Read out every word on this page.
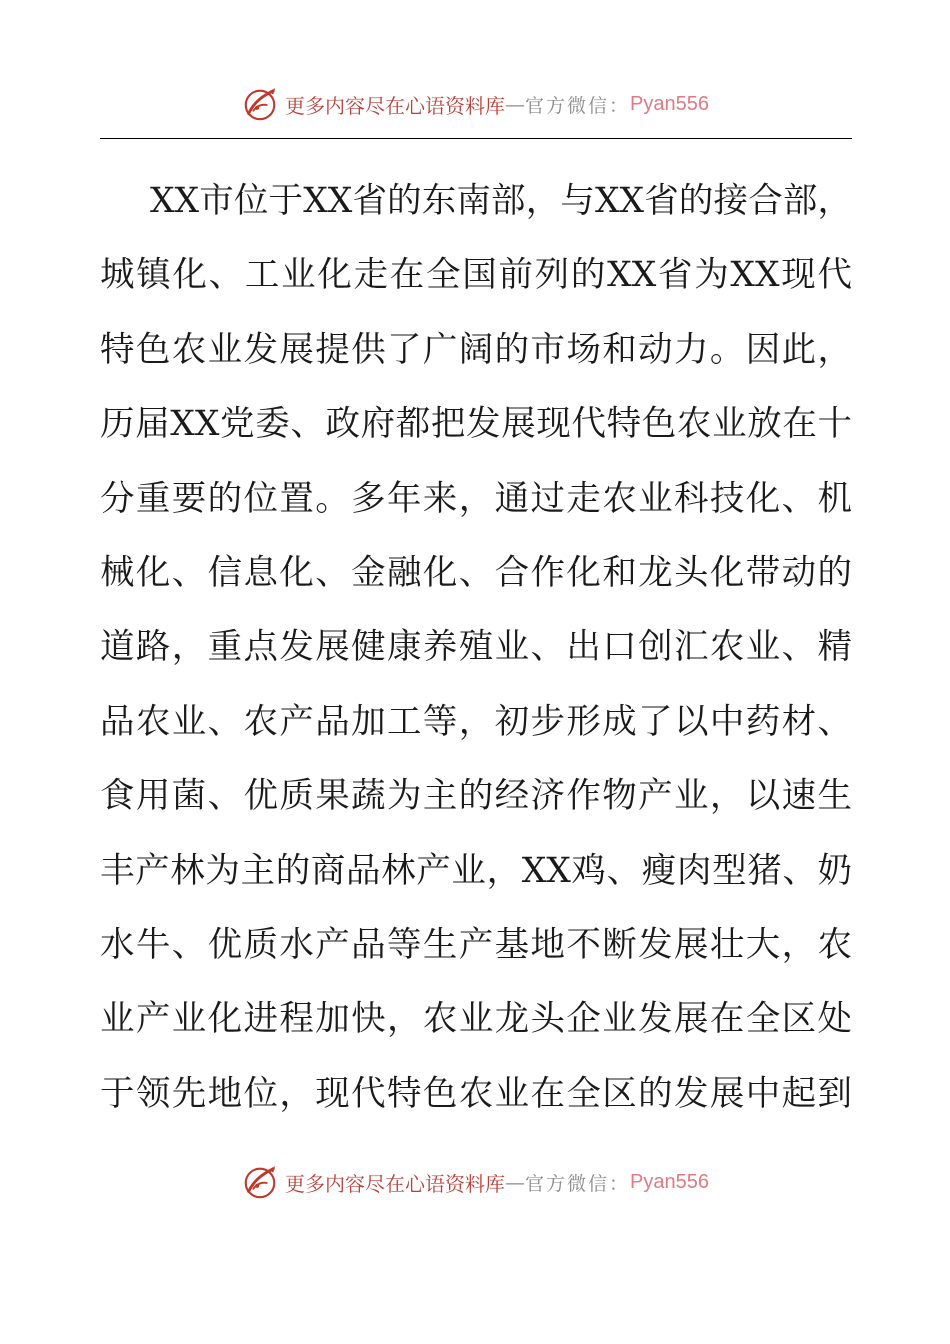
更多内容尽在心语资料库 — 官方微信： Pyan556
XX市位于XX省的东南部，与XX省的接合部，
城镇化、工业化走在全国前列的XX省为XX现代
特色农业发展提供了广阔的市场和动力。因此，
历届XX党委、政府都把发展现代特色农业放在十
分重要的位置。多年来，通过走农业科技化、机
械化、信息化、金融化、合作化和龙头化带动的
道路，重点发展健康养殖业、出口创汇农业、精
品农业、农产品加工等，初步形成了以中药材、
食用菌、优质果蔬为主的经济作物产业，以速生
丰产林为主的商品林产业，XX鸡、瘦肉型猪、奶
水牛、优质水产品等生产基地不断发展壮大，农
业产业化进程加快，农业龙头企业发展在全区处
于领先地位，现代特色农业在全区的发展中起到
更多内容尽在心语资料库 — 官方微信： Pyan556
